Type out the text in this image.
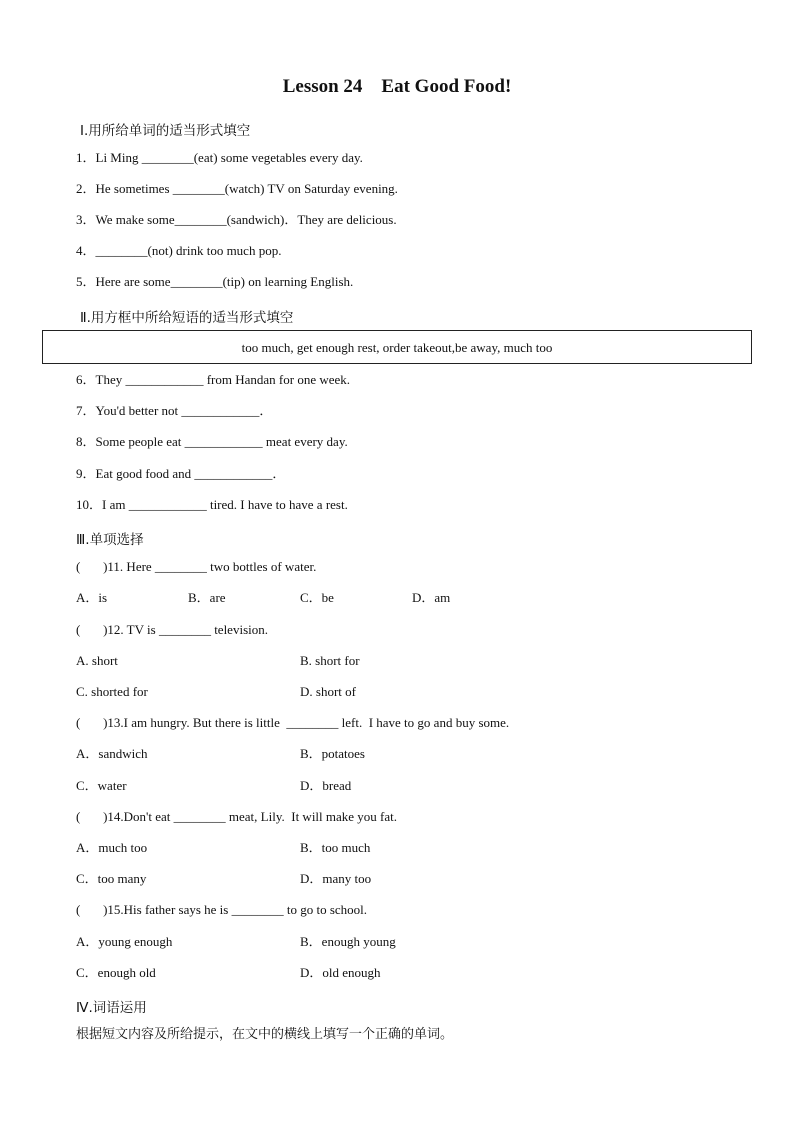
Lesson 24    Eat Good Food!
Ⅰ.用所给单词的适当形式填空
1．Li Ming ________(eat) some vegetables every day.
2．He sometimes ________(watch) TV on Saturday evening.
3．We make some________(sandwich)．They are delicious.
4．________(not) drink too much pop.
5．Here are some________(tip) on learning English.
Ⅱ.用方框中所给短语的适当形式填空
too much, get enough rest, order takeout,be away, much too
6．They ____________ from Handan for one week.
7．You'd better not ____________．
8．Some people eat ____________ meat every day.
9．Eat good food and ____________．
10．I am ____________ tired. I have to have a rest.
Ⅲ.单项选择
(       )11. Here ________ two bottles of water.
A．is	B．are	C．be	D．am
(       )12. TV is ________ television.
A. short	B. short for
C. shorted for	D. short of
(       )13.I am hungry. But there is little  ________ left.  I have to go and buy some.
A．sandwich	B．potatoes
C．water	D．bread
(       )14.Don't eat ________ meat, Lily.  It will make you fat.
A．much too	B．too much
C．too many	D．many too
(       )15.His father says he is ________ to go to school.
A．young enough	B．enough young
C．enough old	D．old enough
Ⅳ.词语运用
根据短文内容及所给提示，在文中的横线上填写一个正确的单词。
